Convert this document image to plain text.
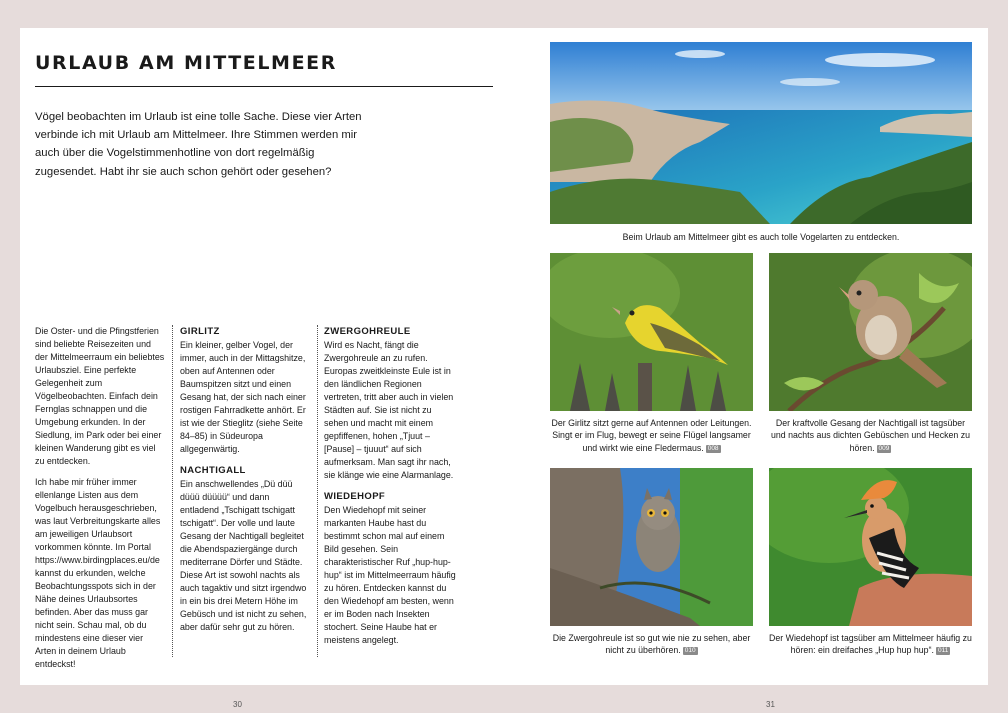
URLAUB AM MITTELMEER

Vögel beobachten im Urlaub ist eine tolle Sache. Diese vier Arten verbinde ich mit Urlaub am Mittelmeer. Ihre Stimmen werden mir auch über die Vogelstimmenhotline von dort regelmäßig zugesendet. Habt ihr sie auch schon gehört oder gesehen?

Die Oster- und die Pfingstferien sind beliebte Reisezeiten und der Mittelmeerraum ein beliebtes Urlaubsziel. Eine perfekte Gelegenheit zum Vögelbeobachten. Einfach dein Fernglas schnappen und die Umgebung erkunden. In der Siedlung, im Park oder bei einer kleinen Wanderung gibt es viel zu entdecken.

Ich habe mir früher immer ellenlange Listen aus dem Vogelbuch herausgeschrieben, was laut Verbreitungskarte alles am jeweiligen Urlaubsort vorkommen könnte. Im Portal https://www.birdingplaces.eu/de kannst du erkunden, welche Beobachtungsspots sich in der Nähe deines Urlaubsortes befinden. Aber das muss gar nicht sein. Schau mal, ob du mindestens eine dieser vier Arten in deinem Urlaub entdeckst!

GIRLITZ

Ein kleiner, gelber Vogel, der immer, auch in der Mittagshitze, oben auf Antennen oder Baumspitzen sitzt und einen Gesang hat, der sich nach einer rostigen Fahrradkette anhört. Er ist wie der Stieglitz (siehe Seite 84–85) in Südeuropa allgegenwärtig.

NACHTIGALL

Ein anschwellendes „Dü düü düüü düüüü“ und dann entladend „Tschigatt tschigatt tschigatt“. Der volle und laute Gesang der Nachtigall begleitet die Abendspaziergänge durch mediterrane Dörfer und Städte. Diese Art ist sowohl nachts als auch tagaktiv und sitzt irgendwo in ein bis drei Metern Höhe im Gebüsch und ist nicht zu sehen, aber dafür sehr gut zu hören.

ZWERGOHREULE

Wird es Nacht, fängt die Zwergohreule an zu rufen. Europas zweitkleinste Eule ist in den ländlichen Regionen vertreten, tritt aber auch in vielen Städten auf. Sie ist nicht zu sehen und macht mit einem gepfiffenen, hohen „Tjuut – [Pause] – tjuuut“ auf sich aufmerksam. Man sagt ihr nach, sie klänge wie eine Alarmanlage.

WIEDEHOPF

Den Wiedehopf mit seiner markanten Haube hast du bestimmt schon mal auf einem Bild gesehen. Sein charakteristischer Ruf „hup-hup-hup“ ist im Mittelmeerraum häufig zu hören. Entdecken kannst du den Wiedehopf am besten, wenn er im Boden nach Insekten stochert. Seine Haube hat er meistens angelegt.

Beim Urlaub am Mittelmeer gibt es auch tolle Vogelarten zu entdecken.

Der Girlitz sitzt gerne auf Antennen oder Leitungen. Singt er im Flug, bewegt er seine Flügel langsamer und wirkt wie eine Fledermaus. 008

Der kraftvolle Gesang der Nachtigall ist tagsüber und nachts aus dichten Gebüschen und Hecken zu hören. 009

Die Zwergohreule ist so gut wie nie zu sehen, aber nicht zu überhören. 010

Der Wiedehopf ist tagsüber am Mittelmeer häufig zu hören: ein dreifaches „Hup hup hup“. 011

30	31
